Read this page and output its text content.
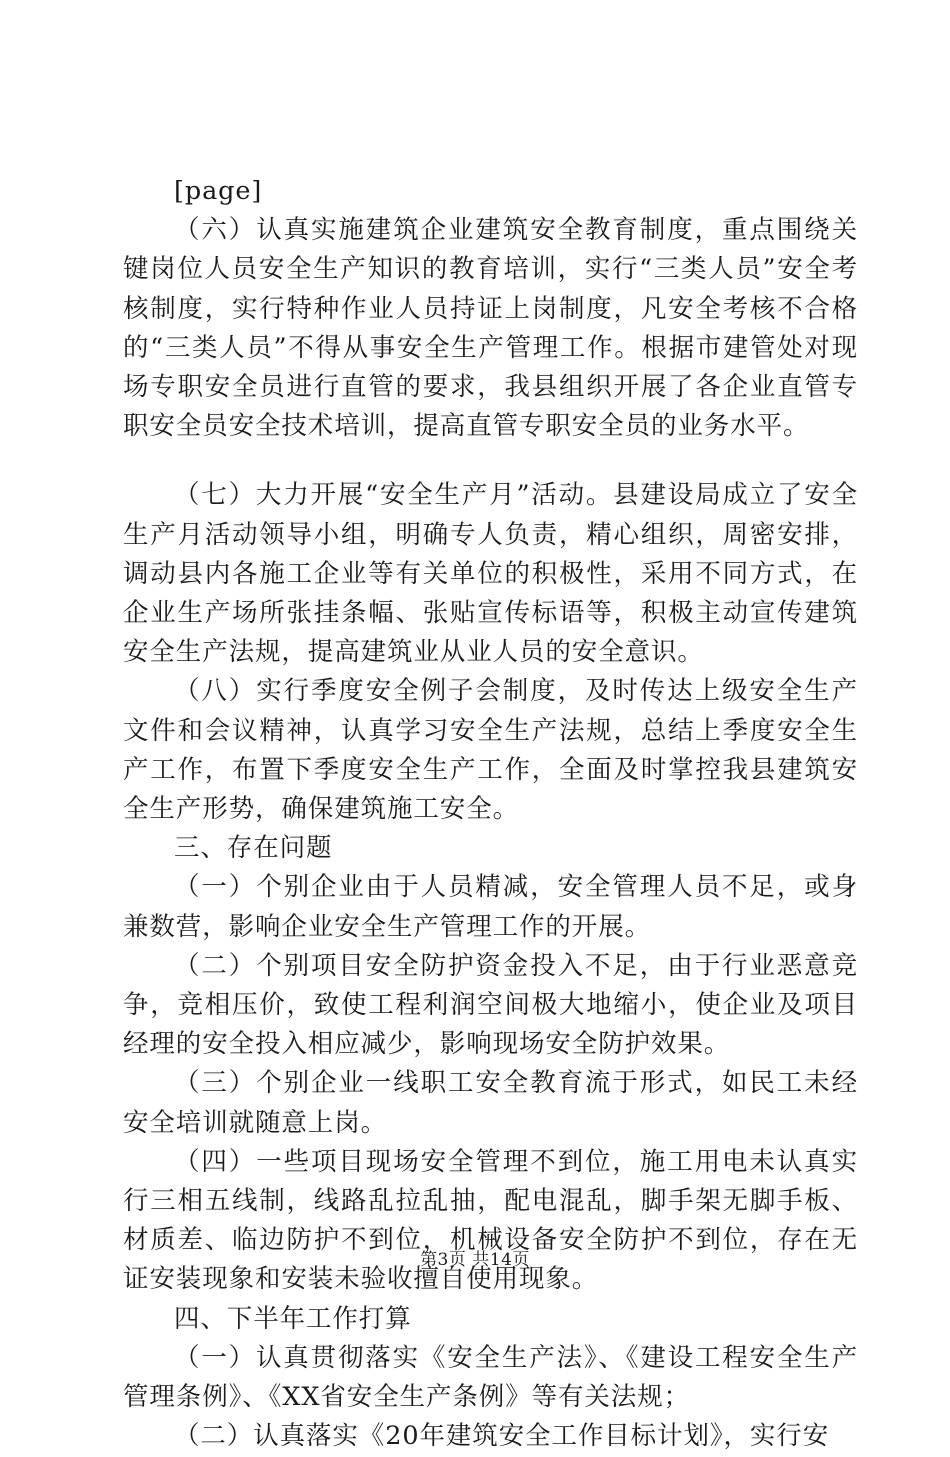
[page]

（六）认真实施建筑企业建筑安全教育制度，重点围绕关键岗位人员安全生产知识的教育培训，实行“三类人员”安全考核制度，实行特种作业人员持证上岗制度，凡安全考核不合格的“三类人员”不得从事安全生产管理工作。根据市建管处对现场专职安全员进行直管的要求，我县组织开展了各企业直管专职安全员安全技术培训，提高直管专职安全员的业务水平。

（七）大力开展“安全生产月”活动。县建设局成立了安全生产月活动领导小组，明确专人负责，精心组织，周密安排，调动县内各施工企业等有关单位的积极性，采用不同方式，在企业生产场所张挂条幅、张贴宣传标语等，积极主动宣传建筑安全生产法规，提高建筑业从业人员的安全意识。

（八）实行季度安全例子会制度，及时传达上级安全生产文件和会议精神，认真学习安全生产法规，总结上季度安全生产工作，布置下季度安全生产工作，全面及时掌控我县建筑安全生产形势，确保建筑施工安全。

三、存在问题

（一）个别企业由于人员精减，安全管理人员不足，或身兼数营，影响企业安全生产管理工作的开展。

（二）个别项目安全防护资金投入不足，由于行业恶意竞争，竞相压价，致使工程利润空间极大地缩小，使企业及项目经理的安全投入相应减少，影响现场安全防护效果。

（三）个别企业一线职工安全教育流于形式，如民工未经安全培训就随意上岗。

（四）一些项目现场安全管理不到位，施工用电未认真实行三相五线制，线路乱拉乱抽，配电混乱，脚手架无脚手板、材质差、临边防护不到位，机械设备安全防护不到位，存在无证安装现象和安装未验收擅自使用现象。

四、下半年工作打算

（一）认真贯彻落实《安全生产法》、《建设工程安全生产管理条例》、《XX省安全生产条例》等有关法规；

（二）认真落实《20年建筑安全工作目标计划》，实行安

第3页 共14页
